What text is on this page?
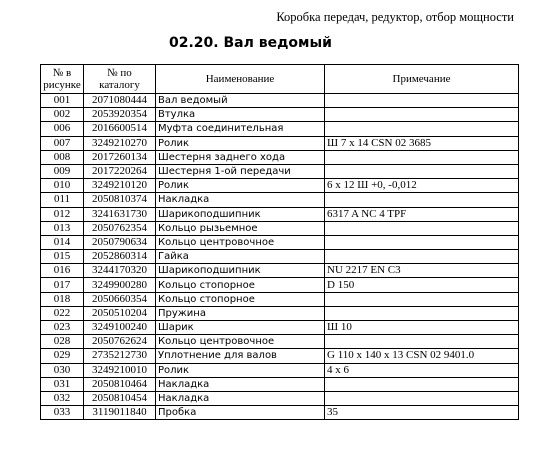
Коробка передач, редуктор, отбор мощности
02.20. Вал ведомый
№ в рисунке	№ по каталогу	Наименование	Примечание
001	2071080444	Вал ведомый	
002	2053920354	Втулка	
006	2016600514	Муфта соединительная	
007	3249210270	Ролик	Ш 7 х 14 CSN 02 3685
008	2017260134	Шестерня заднего хода	
009	2017220264	Шестерня 1-ой передачи	
010	3249210120	Ролик	6 х 12 Ш +0, -0,012
011	2050810374	Накладка	
012	3241631730	Шарикоподшипник	6317 A NC 4 TPF
013	2050762354	Кольцо рызьемное	
014	2050790634	Кольцо центровочное	
015	2052860314	Гайка	
016	3244170320	Шарикоподшипник	NU 2217 EN C3
017	3249900280	Кольцо стопорное	D 150
018	2050660354	Кольцо стопорное	
022	2050510204	Пружина	
023	3249100240	Шарик	Ш 10
028	2050762624	Кольцо центровочное	
029	2735212730	Уплотнение для валов	G 110 х 140 х 13 CSN 02 9401.0
030	3249210010	Ролик	4 х 6
031	2050810464	Накладка	
032	2050810454	Накладка	
033	3119011840	Пробка	35
